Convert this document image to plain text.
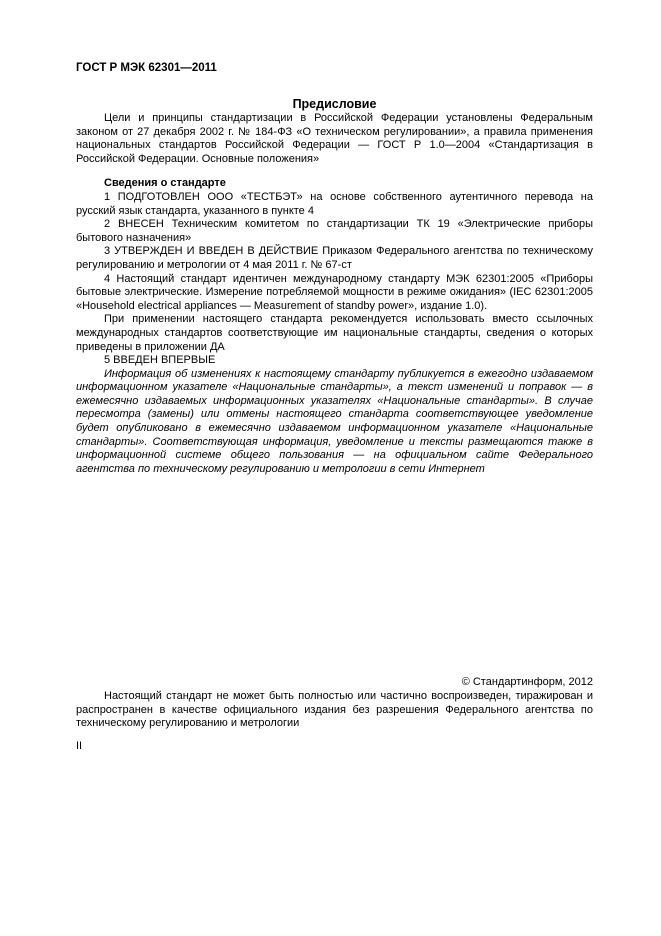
ГОСТ Р МЭК 62301—2011
Предисловие

Цели и принципы стандартизации в Российской Федерации установлены Федеральным законом от 27 декабря 2002 г. № 184-ФЗ «О техническом регулировании», а правила применения национальных стандартов Российской Федерации — ГОСТ Р 1.0—2004 «Стандартизация в Российской Федерации. Основные положения»

Сведения о стандарте

1 ПОДГОТОВЛЕН ООО «ТЕСТБЭТ» на основе собственного аутентичного перевода на русский язык стандарта, указанного в пункте 4

2 ВНЕСЕН Техническим комитетом по стандартизации ТК 19 «Электрические приборы бытового назначения»

3 УТВЕРЖДЕН И ВВЕДЕН В ДЕЙСТВИЕ Приказом Федерального агентства по техническому регулированию и метрологии от 4 мая 2011 г. № 67-ст

4 Настоящий стандарт идентичен международному стандарту МЭК 62301:2005 «Приборы бытовые электрические. Измерение потребляемой мощности в режиме ожидания» (IEC 62301:2005 «Household electrical appliances — Measurement of standby power», издание 1.0).

При применении настоящего стандарта рекомендуется использовать вместо ссылочных международных стандартов соответствующие им национальные стандарты, сведения о которых приведены в приложении ДА

5 ВВЕДЕН ВПЕРВЫЕ

Информация об изменениях к настоящему стандарту публикуется в ежегодно издаваемом информационном указателе «Национальные стандарты», а текст изменений и поправок — в ежемесячно издаваемых информационных указателях «Национальные стандарты». В случае пересмотра (замены) или отмены настоящего стандарта соответствующее уведомление будет опубликовано в ежемесячно издаваемом информационном указателе «Национальные стандарты». Соответствующая информация, уведомление и тексты размещаются также в информационной системе общего пользования — на официальном сайте Федерального агентства по техническому регулированию и метрологии в сети Интернет

© Стандартинформ, 2012

Настоящий стандарт не может быть полностью или частично воспроизведен, тиражирован и распространен в качестве официального издания без разрешения Федерального агентства по техническому регулированию и метрологии

II
